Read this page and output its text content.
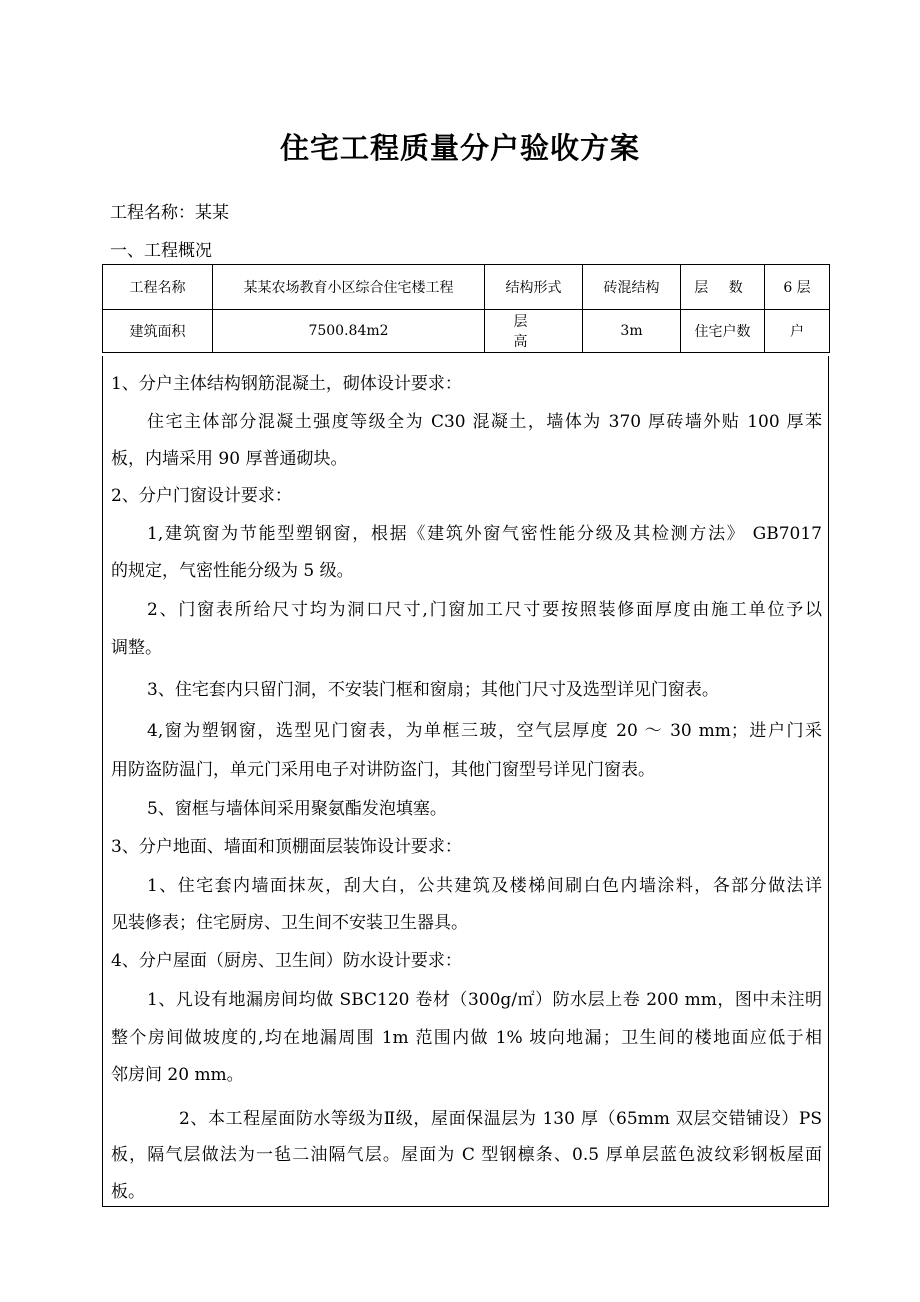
住宅工程质量分户验收方案
工程名称：某某
一、工程概况
工程名称	某某农场教育小区综合住宅楼工程	结构形式	砖混结构	层 数	6 层
建筑面积	7500.84m2	层 高	3m	住宅户数	户
1、分户主体结构钢筋混凝土，砌体设计要求：
住宅主体部分混凝土强度等级全为 C30 混凝土，墙体为 370 厚砖墙外贴 100 厚苯
板，内墙采用 90 厚普通砌块。
2、分户门窗设计要求：
1,建筑窗为节能型塑钢窗，根据《建筑外窗气密性能分级及其检测方法》 GB7017
的规定，气密性能分级为 5 级。
2、门窗表所给尺寸均为洞口尺寸,门窗加工尺寸要按照装修面厚度由施工单位予以
调整。
3、住宅套内只留门洞，不安装门框和窗扇；其他门尺寸及选型详见门窗表。
4,窗为塑钢窗，选型见门窗表，为单框三玻，空气层厚度 20 ～ 30 mm；进户门采
用防盗防温门，单元门采用电子对讲防盗门，其他门窗型号详见门窗表。
5、窗框与墙体间采用聚氨酯发泡填塞。
3、分户地面、墙面和顶棚面层装饰设计要求：
1、住宅套内墙面抹灰，刮大白，公共建筑及楼梯间刷白色内墙涂料，各部分做法详
见装修表；住宅厨房、卫生间不安装卫生器具。
4、分户屋面（厨房、卫生间）防水设计要求：
1、凡设有地漏房间均做 SBC120 卷材（300g/㎡）防水层上卷 200 mm，图中未注明
整个房间做坡度的,均在地漏周围 1m 范围内做 1% 坡向地漏；卫生间的楼地面应低于相
邻房间 20 mm。
2、本工程屋面防水等级为Ⅱ级，屋面保温层为 130 厚（65mm 双层交错铺设）PS
板，隔气层做法为一毡二油隔气层。屋面为 C 型钢檩条、0.5 厚单层蓝色波纹彩钢板屋面
板。
